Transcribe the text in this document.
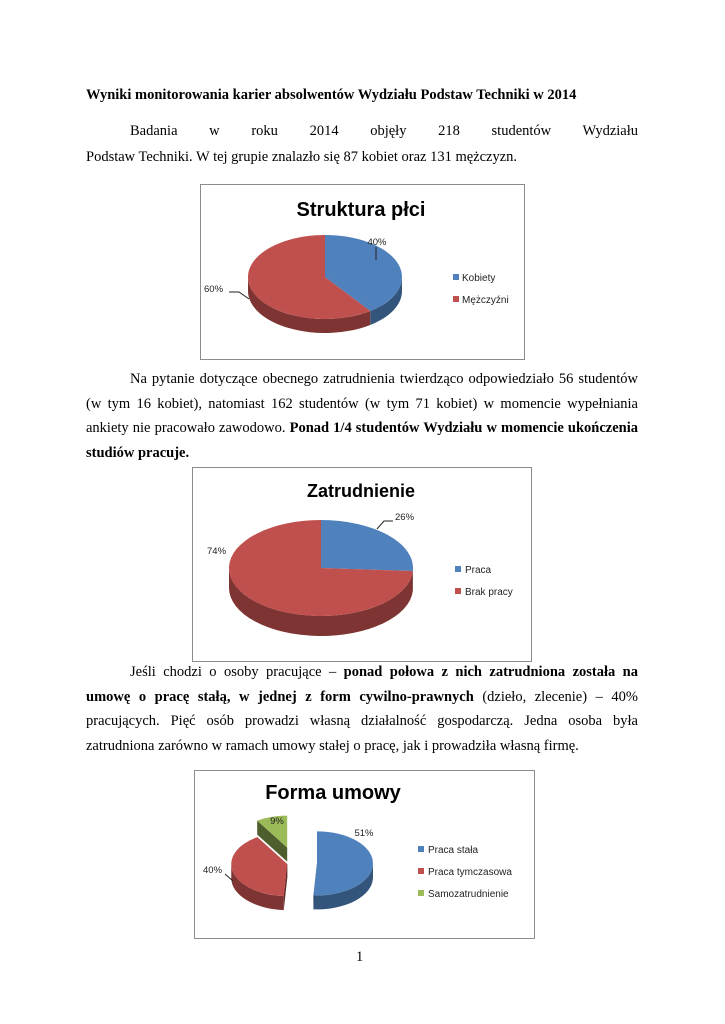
Wyniki monitorowania karier absolwentów Wydziału Podstaw Techniki w 2014
Badania w roku 2014 objęły 218 studentów Wydziału
Podstaw Techniki. W tej grupie znalazło się 87 kobiet oraz 131 mężczyzn.
Struktura płci
40%
60%
Kobiety
Mężczyźni
Na pytanie dotyczące obecnego zatrudnienia twierdząco odpowiedziało 56 studentów (w tym 16 kobiet), natomiast 162 studentów (w tym 71 kobiet) w momencie wypełniania ankiety nie pracowało zawodowo. Ponad 1/4 studentów Wydziału w momencie ukończenia studiów pracuje.
Zatrudnienie
26%
74%
Praca
Brak pracy
Jeśli chodzi o osoby pracujące – ponad połowa z nich zatrudniona została na umowę o pracę stałą, w jednej z form cywilno-prawnych (dzieło, zlecenie) – 40% pracujących. Pięć osób prowadzi własną działalność gospodarczą. Jedna osoba była zatrudniona zarówno w ramach umowy stałej o pracę, jak i prowadziła własną firmę.
Forma umowy
51%
40%
9%
Praca stała
Praca tymczasowa
Samozatrudnienie
1
